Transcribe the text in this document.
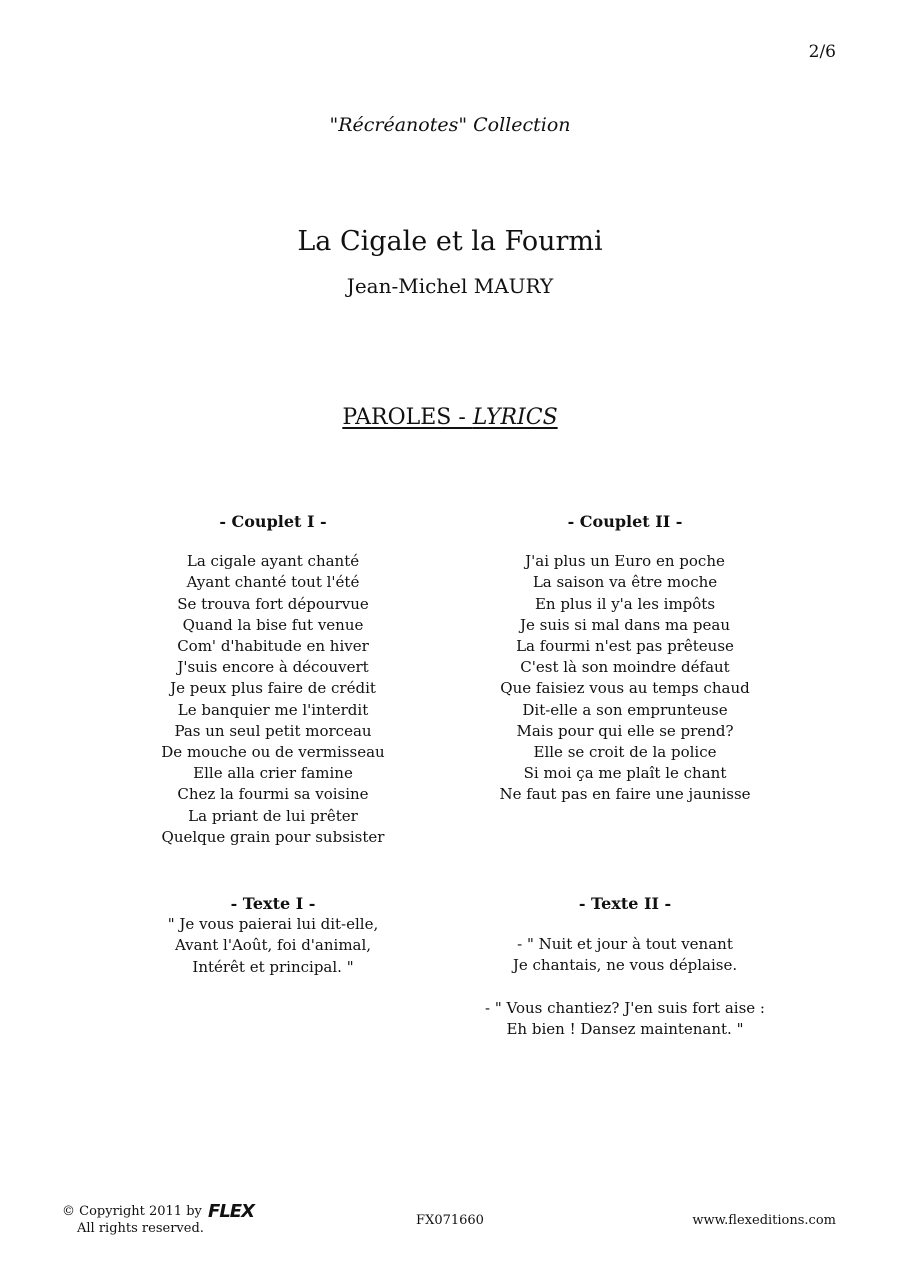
2/6
"Récréanotes" Collection
La Cigale et la Fourmi
Jean-Michel MAURY
PAROLES - LYRICS
- Couplet I -
La cigale ayant chanté
Ayant chanté tout l'été
Se trouva fort dépourvue
Quand la bise fut venue
Com' d'habitude en hiver
J'suis encore à découvert
Je peux plus faire de crédit
Le banquier me l'interdit
Pas un seul petit morceau
De mouche ou de vermisseau
Elle alla crier famine
Chez la fourmi sa voisine
La priant de lui prêter
Quelque grain pour subsister
- Couplet II -
J'ai plus un Euro en poche
La saison va être moche
En plus il y'a les impôts
Je suis si mal dans ma peau
La fourmi n'est pas prêteuse
C'est là son moindre défaut
Que faisiez vous au temps chaud
Dit-elle a son emprunteuse
Mais pour qui elle se prend?
Elle se croit de la police
Si moi ça me plaît le chant
Ne faut pas en faire une jaunisse
- Texte I -
" Je vous paierai lui dit-elle,
Avant l'Août, foi d'animal,
Intérêt et principal. "
- Texte II -
- " Nuit et jour à tout venant
Je chantais, ne vous déplaise.
- " Vous chantiez? J'en suis fort aise :
Eh bien ! Dansez maintenant. "
© Copyright 2011 by FLEX
All rights reserved.
FX071660	www.flexeditions.com
